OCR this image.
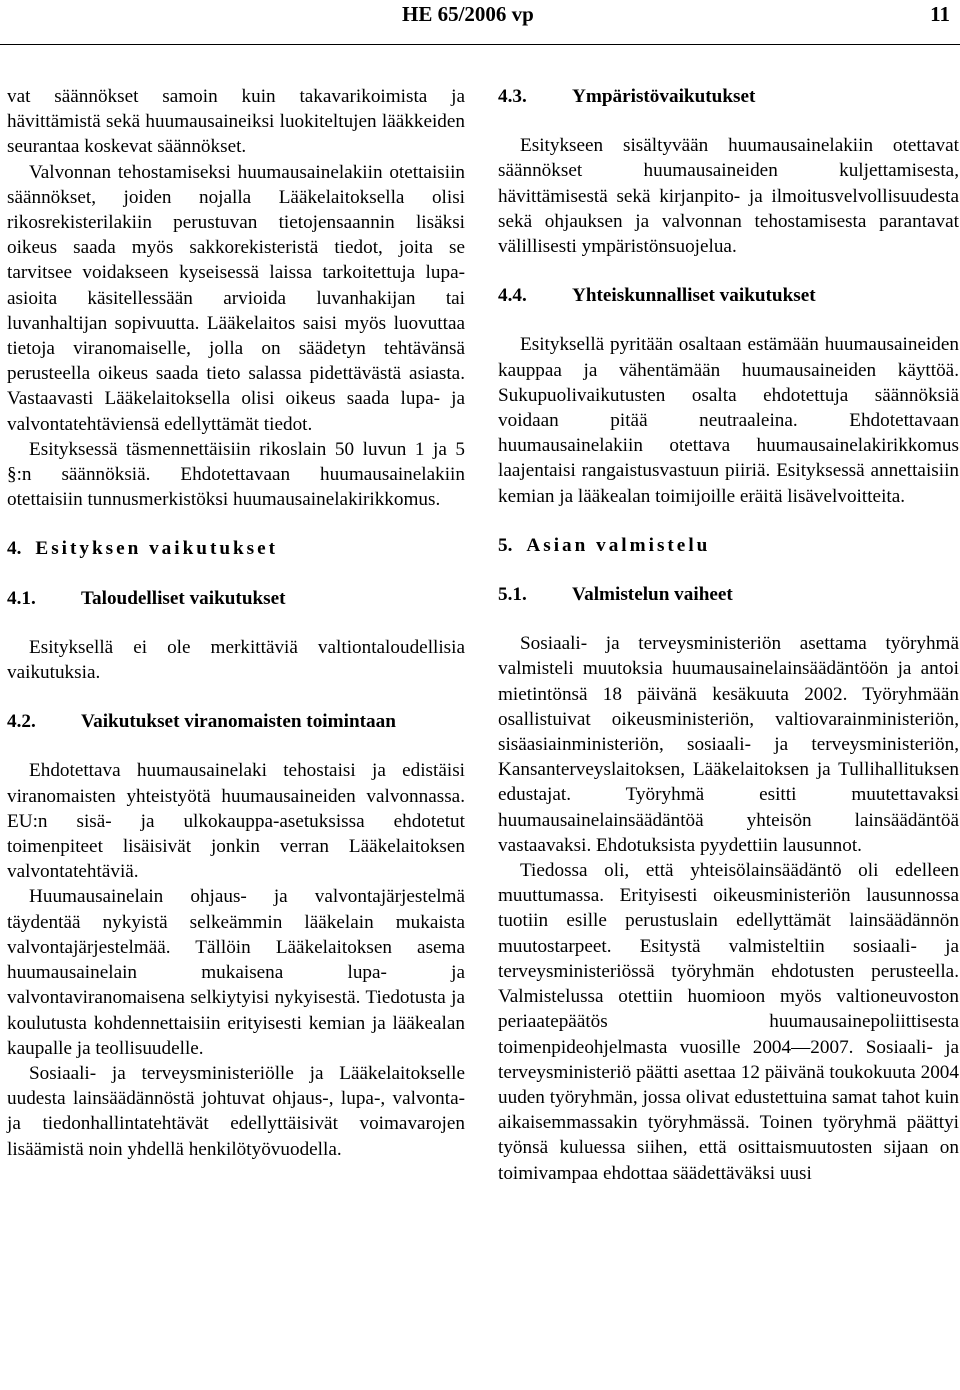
HE 65/2006 vp	11

vat säännökset samoin kuin takavarikoimista ja hävittämistä sekä huumausaineiksi luokiteltujen lääkkeiden seurantaa koskevat säännökset.

Valvonnan tehostamiseksi huumausainelakiin otettaisiin säännökset, joiden nojalla Lääkelaitoksella olisi rikosrekisterilakiin perustuvan tietojensaannin lisäksi oikeus saada myös sakkorekisteristä tiedot, joita se tarvitsee voidakseen kyseisessä laissa tarkoitettuja lupa-asioita käsitellessään arvioida luvanhakijan tai luvanhaltijan sopivuutta. Lääkelaitos saisi myös luovuttaa tietoja viranomaiselle, jolla on säädetyn tehtävänsä perusteella oikeus saada tieto salassa pidettävästä asiasta. Vastaavasti Lääkelaitoksella olisi oikeus saada lupa- ja valvontatehtäviensä edellyttämät tiedot.

Esityksessä täsmennettäisiin rikoslain 50 luvun 1 ja 5 §:n säännöksiä. Ehdotettavaan huumausainelakiin otettaisiin tunnusmerkistöksi huumausainelakirikkomus.

4. Esityksen vaikutukset

4.1.	Taloudelliset vaikutukset

Esityksellä ei ole merkittäviä valtiontaloudellisia vaikutuksia.

4.2.	Vaikutukset viranomaisten toimintaan

Ehdotettava huumausainelaki tehostaisi ja edistäisi viranomaisten yhteistyötä huumausaineiden valvonnassa. EU:n sisä- ja ulkokauppa-asetuksissa ehdotetut toimenpiteet lisäisivät jonkin verran Lääkelaitoksen valvontatehtäviä.

Huumausainelain ohjaus- ja valvontajärjestelmä täydentää nykyistä selkeämmin lääkelain mukaista valvontajärjestelmää. Tällöin Lääkelaitoksen asema huumausainelain mukaisena lupa- ja valvontaviranomaisena selkiytyisi nykyisestä. Tiedotusta ja koulutusta kohdennettaisiin erityisesti kemian ja lääkealan kaupalle ja teollisuudelle.

Sosiaali- ja terveysministeriölle ja Lääkelaitokselle uudesta lainsäädännöstä johtuvat ohjaus-, lupa-, valvonta- ja tiedonhallintatehtävät edellyttäisivät voimavarojen lisäämistä noin yhdellä henkilötyövuodella.

4.3.	Ympäristövaikutukset

Esitykseen sisältyvään huumausainelakiin otettavat säännökset huumausaineiden kuljettamisesta, hävittämisestä sekä kirjanpito- ja ilmoitusvelvollisuudesta sekä ohjauksen ja valvonnan tehostamisesta parantavat välillisesti ympäristönsuojelua.

4.4.	Yhteiskunnalliset vaikutukset

Esityksellä pyritään osaltaan estämään huumausaineiden kauppaa ja vähentämään huumausaineiden käyttöä. Sukupuolivaikutusten osalta ehdotettuja säännöksiä voidaan pitää neutraaleina. Ehdotettavaan huumausainelakiin otettava huumausainelakirikkomus laajentaisi rangaistusvastuun piiriä. Esityksessä annettaisiin kemian ja lääkealan toimijoille eräitä lisävelvoitteita.

5. Asian valmistelu

5.1.	Valmistelun vaiheet

Sosiaali- ja terveysministeriön asettama työryhmä valmisteli muutoksia huumausainelainsäädäntöön ja antoi mietintönsä 18 päivänä kesäkuuta 2002. Työryhmään osallistuivat oikeusministeriön, valtiovarainministeriön, sisäasiainministeriön, sosiaali- ja terveysministeriön, Kansanterveyslaitoksen, Lääkelaitoksen ja Tullihallituksen edustajat. Työryhmä esitti muutettavaksi huumausainelainsäädäntöä yhteisön lainsäädäntöä vastaavaksi. Ehdotuksista pyydettiin lausunnot.

Tiedossa oli, että yhteisölainsäädäntö oli edelleen muuttumassa. Erityisesti oikeusministeriön lausunnossa tuotiin esille perustuslain edellyttämät lainsäädännön muutostarpeet. Esitystä valmisteltiin sosiaali- ja terveysministeriössä työryhmän ehdotusten perusteella. Valmistelussa otettiin huomioon myös valtioneuvoston periaatepäätös huumausainepoliittisesta toimenpideohjelmasta vuosille 2004—2007. Sosiaali- ja terveysministeriö päätti asettaa 12 päivänä toukokuuta 2004 uuden työryhmän, jossa olivat edustettuina samat tahot kuin aikaisemmassakin työryhmässä. Toinen työryhmä päättyi työnsä kuluessa siihen, että osittaismuutosten sijaan on toimivampaa ehdottaa säädettäväksi uusi
